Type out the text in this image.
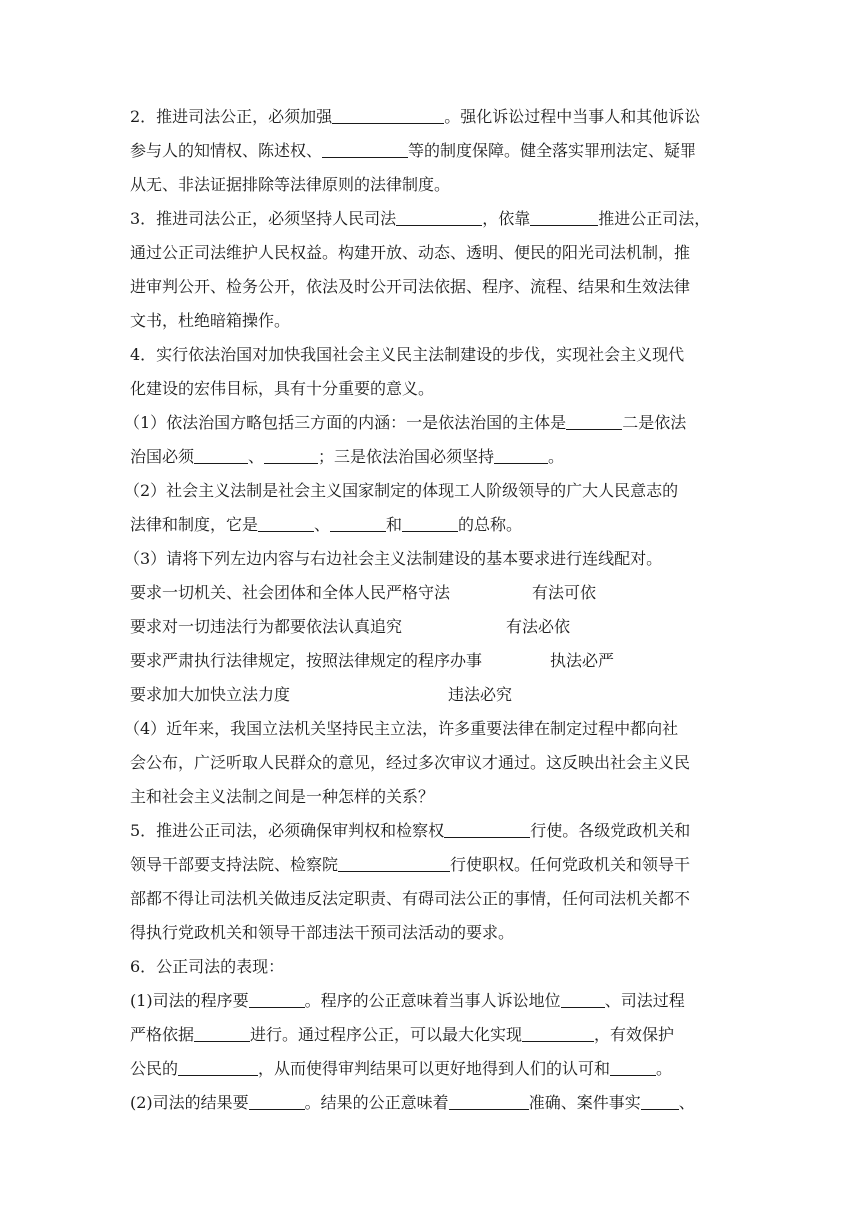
2．推进司法公正，必须加强	。强化诉讼过程中当事人和其他诉讼
参与人的知情权、陈述权、	等的制度保障。健全落实罪刑法定、疑罪
从无、非法证据排除等法律原则的法律制度。
3．推进司法公正，必须坚持人民司法	，依靠	推进公正司法，
通过公正司法维护人民权益。构建开放、动态、透明、便民的阳光司法机制，推
进审判公开、检务公开，依法及时公开司法依据、程序、流程、结果和生效法律
文书，杜绝暗箱操作。
4．实行依法治国对加快我国社会主义民主法制建设的步伐，实现社会主义现代
化建设的宏伟目标，具有十分重要的意义。
（1）依法治国方略包括三方面的内涵：一是依法治国的主体是	二是依法
治国必须	、	；三是依法治国必须坚持	。
（2）社会主义法制是社会主义国家制定的体现工人阶级领导的广大人民意志的
法律和制度，它是	、	和	的总称。
（3）请将下列左边内容与右边社会主义法制建设的基本要求进行连线配对。
要求一切机关、社会团体和全体人民严格守法	有法可依
要求对一切违法行为都要依法认真追究	有法必依
要求严肃执行法律规定，按照法律规定的程序办事	执法必严
要求加大加快立法力度	违法必究
（4）近年来，我国立法机关坚持民主立法，许多重要法律在制定过程中都向社
会公布，广泛听取人民群众的意见，经过多次审议才通过。这反映出社会主义民
主和社会主义法制之间是一种怎样的关系？
5．推进公正司法，必须确保审判权和检察权	行使。各级党政机关和
领导干部要支持法院、检察院	行使职权。任何党政机关和领导干
部都不得让司法机关做违反法定职责、有碍司法公正的事情，任何司法机关都不
得执行党政机关和领导干部违法干预司法活动的要求。
6．公正司法的表现：
(1)司法的程序要	。程序的公正意味着当事人诉讼地位	、司法过程
严格依据	进行。通过程序公正，可以最大化实现	，有效保护
公民的	，从而使得审判结果可以更好地得到人们的认可和	。
(2)司法的结果要	。结果的公正意味着	准确、案件事实 、
